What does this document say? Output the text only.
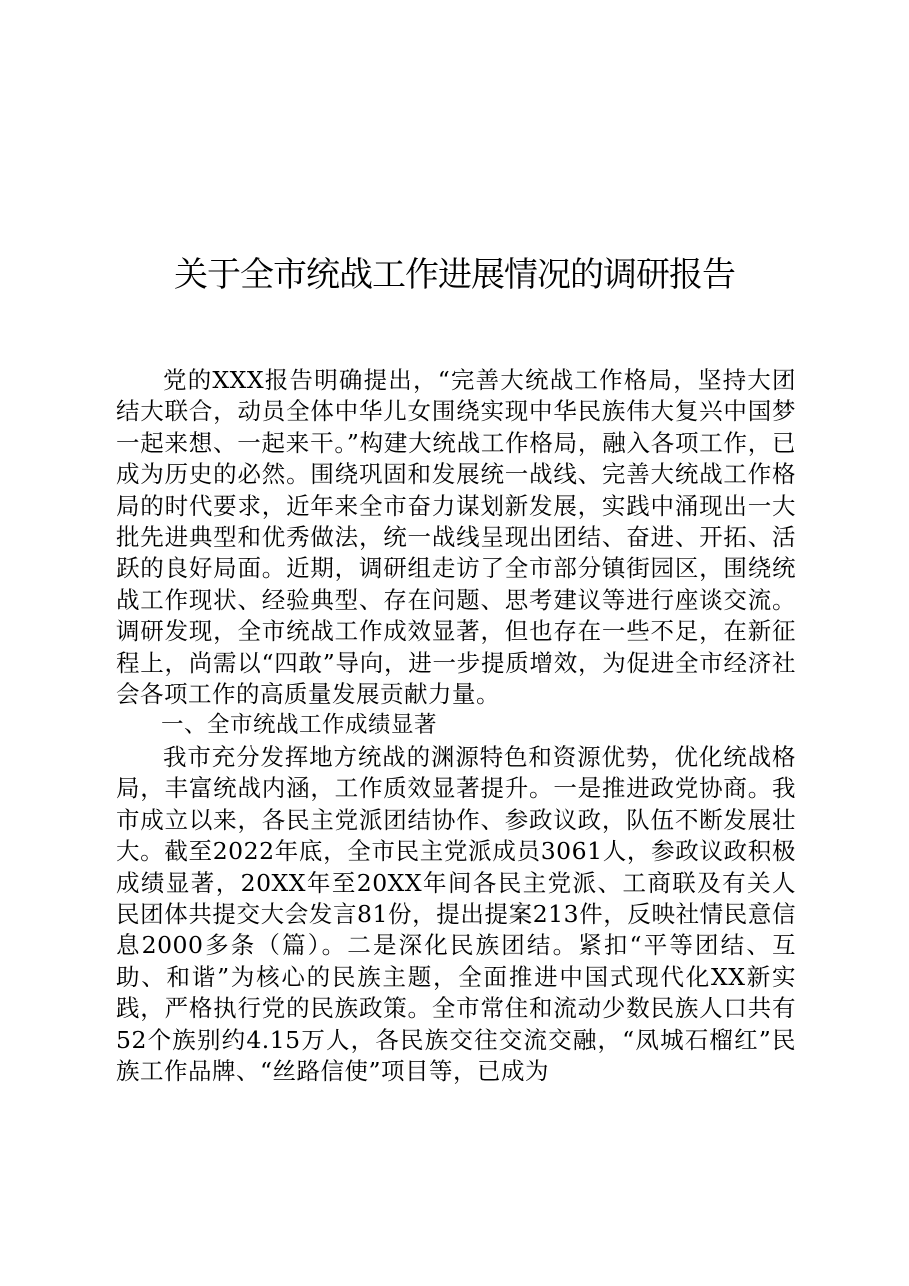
关于全市统战工作进展情况的调研报告

党的XXX报告明确提出，“完善大统战工作格局，坚持大团结大联合，动员全体中华儿女围绕实现中华民族伟大复兴中国梦一起来想、一起来干。”构建大统战工作格局，融入各项工作，已成为历史的必然。围绕巩固和发展统一战线、完善大统战工作格局的时代要求，近年来全市奋力谋划新发展，实践中涌现出一大批先进典型和优秀做法，统一战线呈现出团结、奋进、开拓、活跃的良好局面。近期，调研组走访了全市部分镇街园区，围绕统战工作现状、经验典型、存在问题、思考建议等进行座谈交流。调研发现，全市统战工作成效显著，但也存在一些不足，在新征程上，尚需以“四敢”导向，进一步提质增效，为促进全市经济社会各项工作的高质量发展贡献力量。

一、全市统战工作成绩显著

我市充分发挥地方统战的渊源特色和资源优势，优化统战格局，丰富统战内涵，工作质效显著提升。一是推进政党协商。我市成立以来，各民主党派团结协作、参政议政，队伍不断发展壮大。截至2022年底，全市民主党派成员3061人，参政议政积极成绩显著，20XX年至20XX年间各民主党派、工商联及有关人民团体共提交大会发言81份，提出提案213件，反映社情民意信息2000多条（篇）。二是深化民族团结。紧扣“平等团结、互助、和谐”为核心的民族主题，全面推进中国式现代化XX新实践，严格执行党的民族政策。全市常住和流动少数民族人口共有52个族别约4.15万人，各民族交往交流交融，“凤城石榴红”民族工作品牌、“丝路信使”项目等，已成为
